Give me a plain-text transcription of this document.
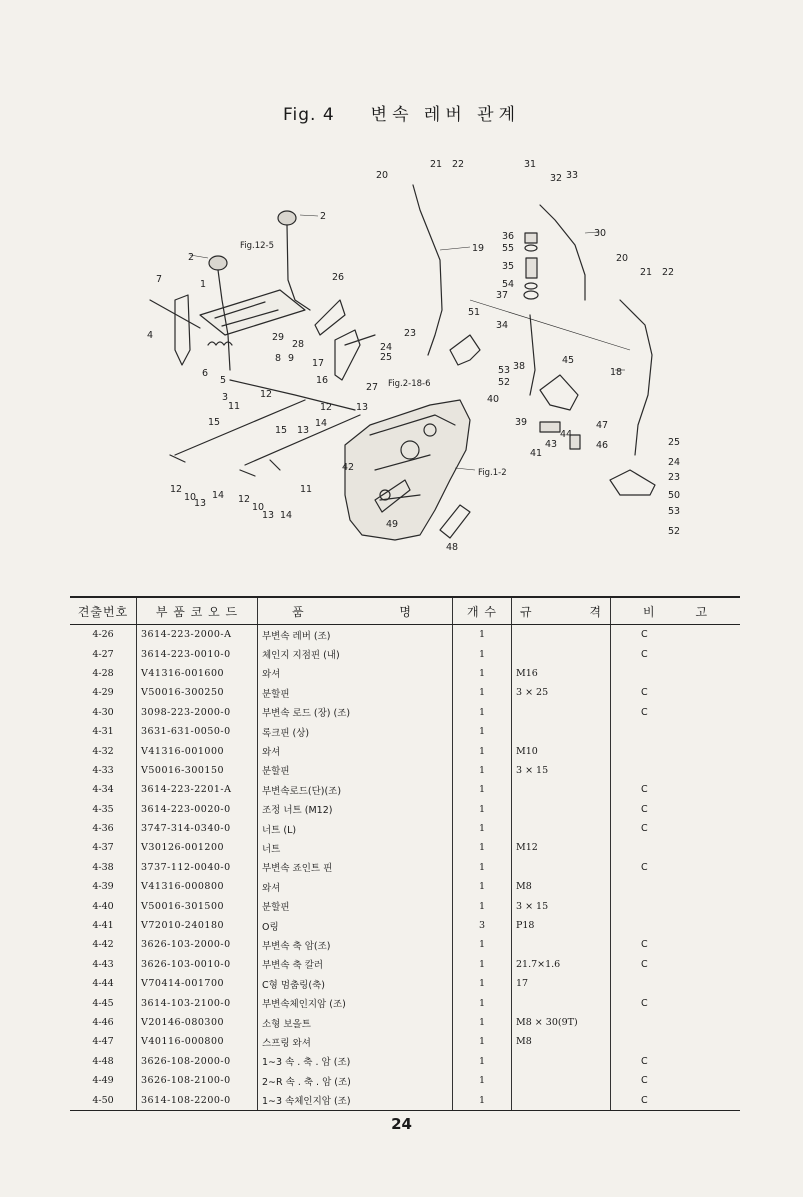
Fig. 4 변속 레버 관계
2
2
1
7
4
6
5
3
11
15
12
10
13
14 12
10
13 14
15 13
11
12
14
13
8 9
12
29
28
26
17
16
27
24
25
23
20
21 22
19
51
53
52
31
32 33
30
36
55
35
54
37
34
38
40
39
43
44
47
46
41
45
20
21 22
18
25
24
23
50
53
52
42
49
48
Fig.12-5
Fig.2-18-6
Fig.1-2
견출번호	부 품 코 오 드	품 명	개 수	규 격	비 고

4-26	3614-223-2000-A	부변속 레버 (조)	1		C
4-27	3614-223-0010-0	체인지 지점핀 (내)	1		C
4-28	V41316-001600	와셔	1	M16	
4-29	V50016-300250	분할핀	1	3 × 25	C
4-30	3098-223-2000-0	부변속 로드 (장) (조)	1		C
4-31	3631-631-0050-0	록크핀 (상)	1		
4-32	V41316-001000	와셔	1	M10	
4-33	V50016-300150	분할핀	1	3 × 15	
4-34	3614-223-2201-A	부변속로드(단)(조)	1		C
4-35	3614-223-0020-0	조정 너트 (M12)	1		C
4-36	3747-314-0340-0	너트 (L)	1		C
4-37	V30126-001200	너트	1	M12	
4-38	3737-112-0040-0	부변속 죠인트 핀	1		C
4-39	V41316-000800	와셔	1	M8	
4-40	V50016-301500	분할핀	1	3 × 15	
4-41	V72010-240180	O링	3	P18	
4-42	3626-103-2000-0	부변속 축 암(조)	1		C
4-43	3626-103-0010-0	부변속 축 칼러	1	21.7×1.6	C
4-44	V70414-001700	C형 멈춤링(축)	1	17	
4-45	3614-103-2100-0	부변속체인지암 (조)	1		C
4-46	V20146-080300	소형 보올트	1	M8 × 30(9T)	
4-47	V40116-000800	스프링 와셔	1	M8	
4-48	3626-108-2000-0	1∼3 속 . 축 . 암 (조)	1		C
4-49	3626-108-2100-0	2∼R 속 . 축 . 암 (조)	1		C
4-50	3614-108-2200-0	1∼3 속체인지암 (조)	1		C
24
